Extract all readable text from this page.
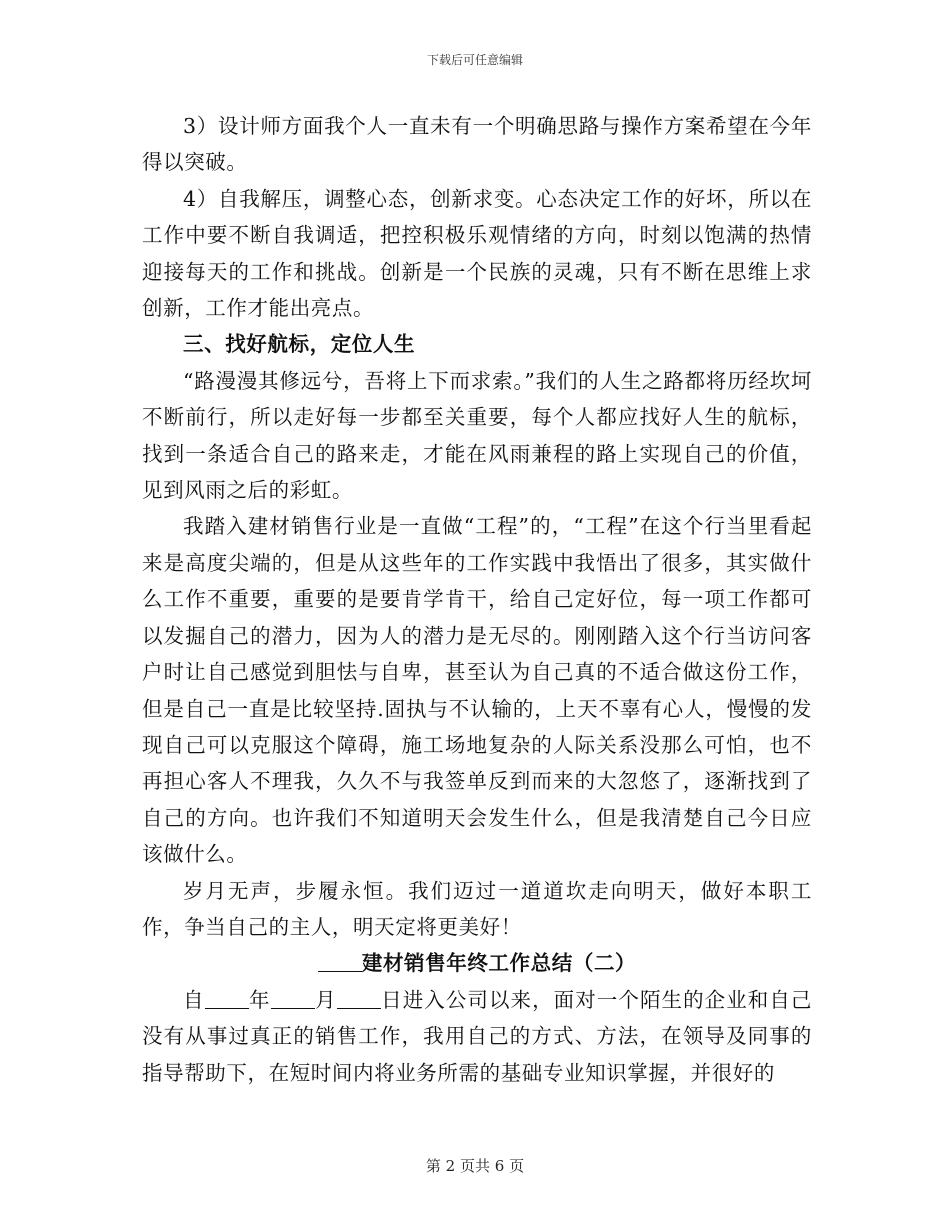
下载后可任意编辑

3）设计师方面我个人一直未有一个明确思路与操作方案希望在今年得以突破。

4）自我解压，调整心态，创新求变。心态决定工作的好坏，所以在工作中要不断自我调适，把控积极乐观情绪的方向，时刻以饱满的热情迎接每天的工作和挑战。创新是一个民族的灵魂，只有不断在思维上求创新，工作才能出亮点。

三、找好航标，定位人生

“路漫漫其修远兮，吾将上下而求索。”我们的人生之路都将历经坎坷不断前行，所以走好每一步都至关重要，每个人都应找好人生的航标，找到一条适合自己的路来走，才能在风雨兼程的路上实现自己的价值，见到风雨之后的彩虹。

我踏入建材销售行业是一直做“工程”的，“工程”在这个行当里看起来是高度尖端的，但是从这些年的工作实践中我悟出了很多，其实做什么工作不重要，重要的是要肯学肯干，给自己定好位，每一项工作都可以发掘自己的潜力，因为人的潜力是无尽的。刚刚踏入这个行当访问客户时让自己感觉到胆怯与自卑，甚至认为自己真的不适合做这份工作，但是自己一直是比较坚持.固执与不认输的，上天不辜有心人，慢慢的发现自己可以克服这个障碍，施工场地复杂的人际关系没那么可怕，也不再担心客人不理我，久久不与我签单反到而来的大忽悠了，逐渐找到了自己的方向。也许我们不知道明天会发生什么，但是我清楚自己今日应该做什么。

岁月无声，步履永恒。我们迈过一道道坎走向明天，做好本职工作，争当自己的主人，明天定将更美好！

建材销售年终工作总结（二）

自 年 月 日进入公司以来，面对一个陌生的企业和自己没有从事过真正的销售工作，我用自己的方式、方法，在领导及同事的指导帮助下，在短时间内将业务所需的基础专业知识掌握，并很好的

第 2 页共 6 页
